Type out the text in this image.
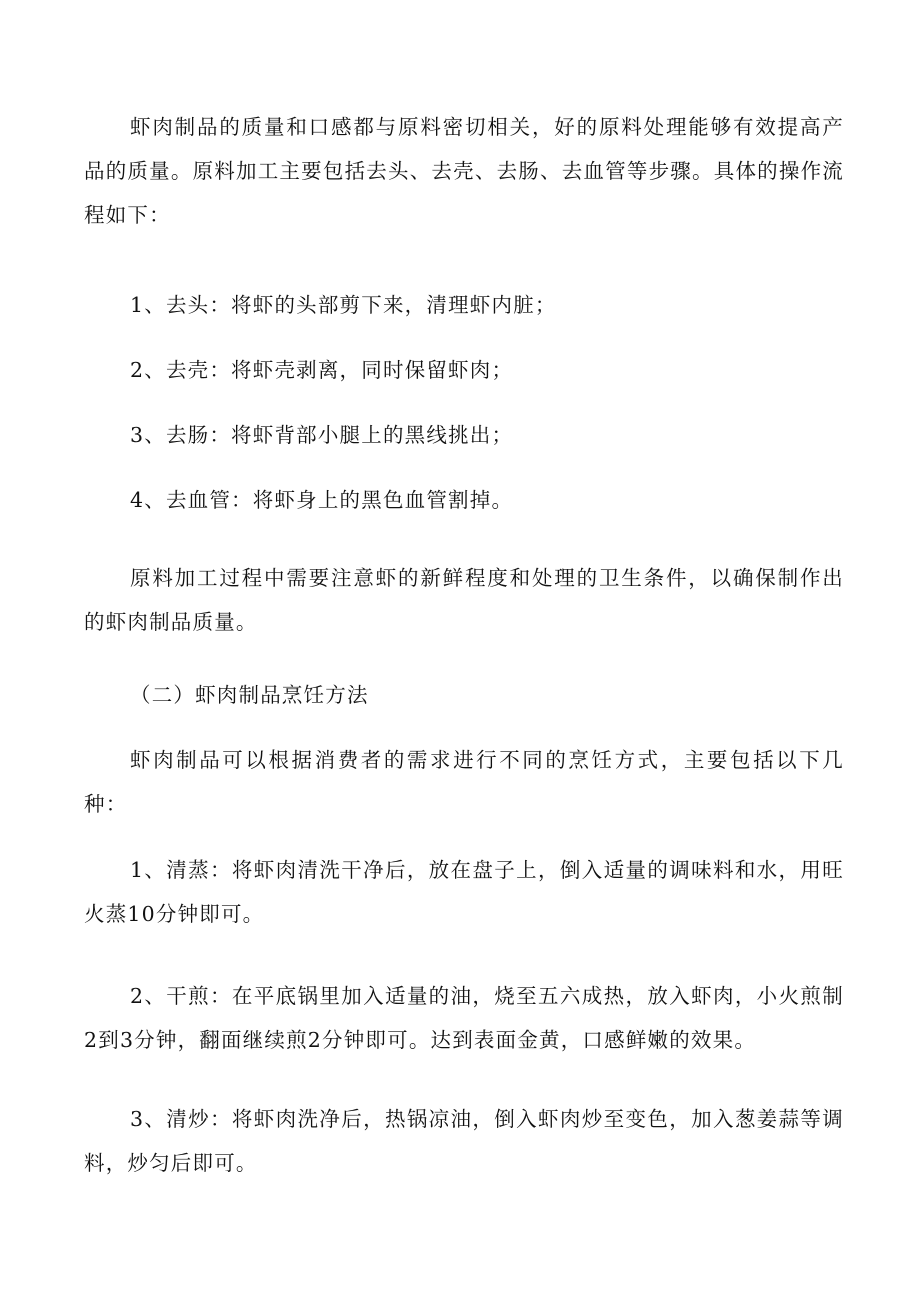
虾肉制品的质量和口感都与原料密切相关，好的原料处理能够有效提高产品的质量。原料加工主要包括去头、去壳、去肠、去血管等步骤。具体的操作流程如下：

1、去头：将虾的头部剪下来，清理虾内脏；

2、去壳：将虾壳剥离，同时保留虾肉；

3、去肠：将虾背部小腿上的黑线挑出；

4、去血管：将虾身上的黑色血管割掉。

原料加工过程中需要注意虾的新鲜程度和处理的卫生条件，以确保制作出的虾肉制品质量。

（二）虾肉制品烹饪方法

虾肉制品可以根据消费者的需求进行不同的烹饪方式，主要包括以下几种：

1、清蒸：将虾肉清洗干净后，放在盘子上，倒入适量的调味料和水，用旺火蒸10分钟即可。

2、干煎：在平底锅里加入适量的油，烧至五六成热，放入虾肉，小火煎制2到3分钟，翻面继续煎2分钟即可。达到表面金黄，口感鲜嫩的效果。

3、清炒：将虾肉洗净后，热锅凉油，倒入虾肉炒至变色，加入葱姜蒜等调料，炒匀后即可。
